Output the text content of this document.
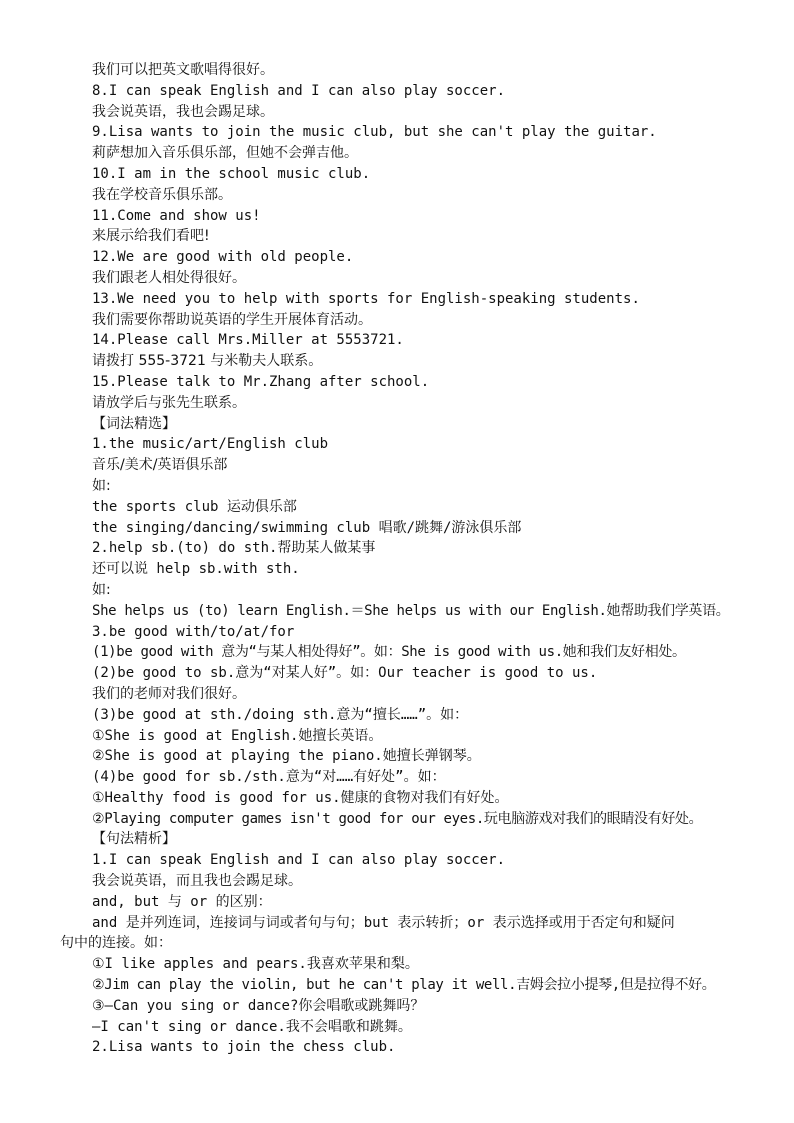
我们可以把英文歌唱得很好。
8.I can speak English and I can also play soccer.
我会说英语，我也会踢足球。
9.Lisa wants to join the music club, but she can't play the guitar.
莉萨想加入音乐俱乐部，但她不会弹吉他。
10.I am in the school music club.
我在学校音乐俱乐部。
11.Come and show us!
来展示给我们看吧!
12.We are good with old people.
我们跟老人相处得很好。
13.We need you to help with sports for English-speaking students.
我们需要你帮助说英语的学生开展体育活动。
14.Please call Mrs.Miller at 5553721.
请拨打 555-3721 与米勒夫人联系。
15.Please talk to Mr.Zhang after school.
请放学后与张先生联系。
【词法精选】
1.the music/art/English club
音乐/美术/英语俱乐部
如:
the sports club 运动俱乐部
the singing/dancing/swimming club 唱歌/跳舞/游泳俱乐部
2.help sb.(to) do sth.帮助某人做某事
还可以说 help sb.with sth.
如:
She helps us (to) learn English.＝She helps us with our English.她帮助我们学英语。
3.be good with/to/at/for
(1)be good with 意为“与某人相处得好”。如：She is good with us.她和我们友好相处。
(2)be good to sb.意为“对某人好”。如：Our teacher is good to us.
我们的老师对我们很好。
(3)be good at sth./doing sth.意为“擅长……”。如：
①She is good at English.她擅长英语。
②She is good at playing the piano.她擅长弹钢琴。
(4)be good for sb./sth.意为“对……有好处”。如：
①Healthy food is good for us.健康的食物对我们有好处。
②Playing computer games isn't good for our eyes.玩电脑游戏对我们的眼睛没有好处。
【句法精析】
1.I can speak English and I can also play soccer.
我会说英语，而且我也会踢足球。
and, but 与 or 的区别：
and 是并列连词，连接词与词或者句与句；but 表示转折；or 表示选择或用于否定句和疑问
句中的连接。如：
①I like apples and pears.我喜欢苹果和梨。
②Jim can play the violin, but he can't play it well.吉姆会拉小提琴,但是拉得不好。
③—Can you sing or dance?你会唱歌或跳舞吗？
—I can't sing or dance.我不会唱歌和跳舞。
2.Lisa wants to join the chess club.
